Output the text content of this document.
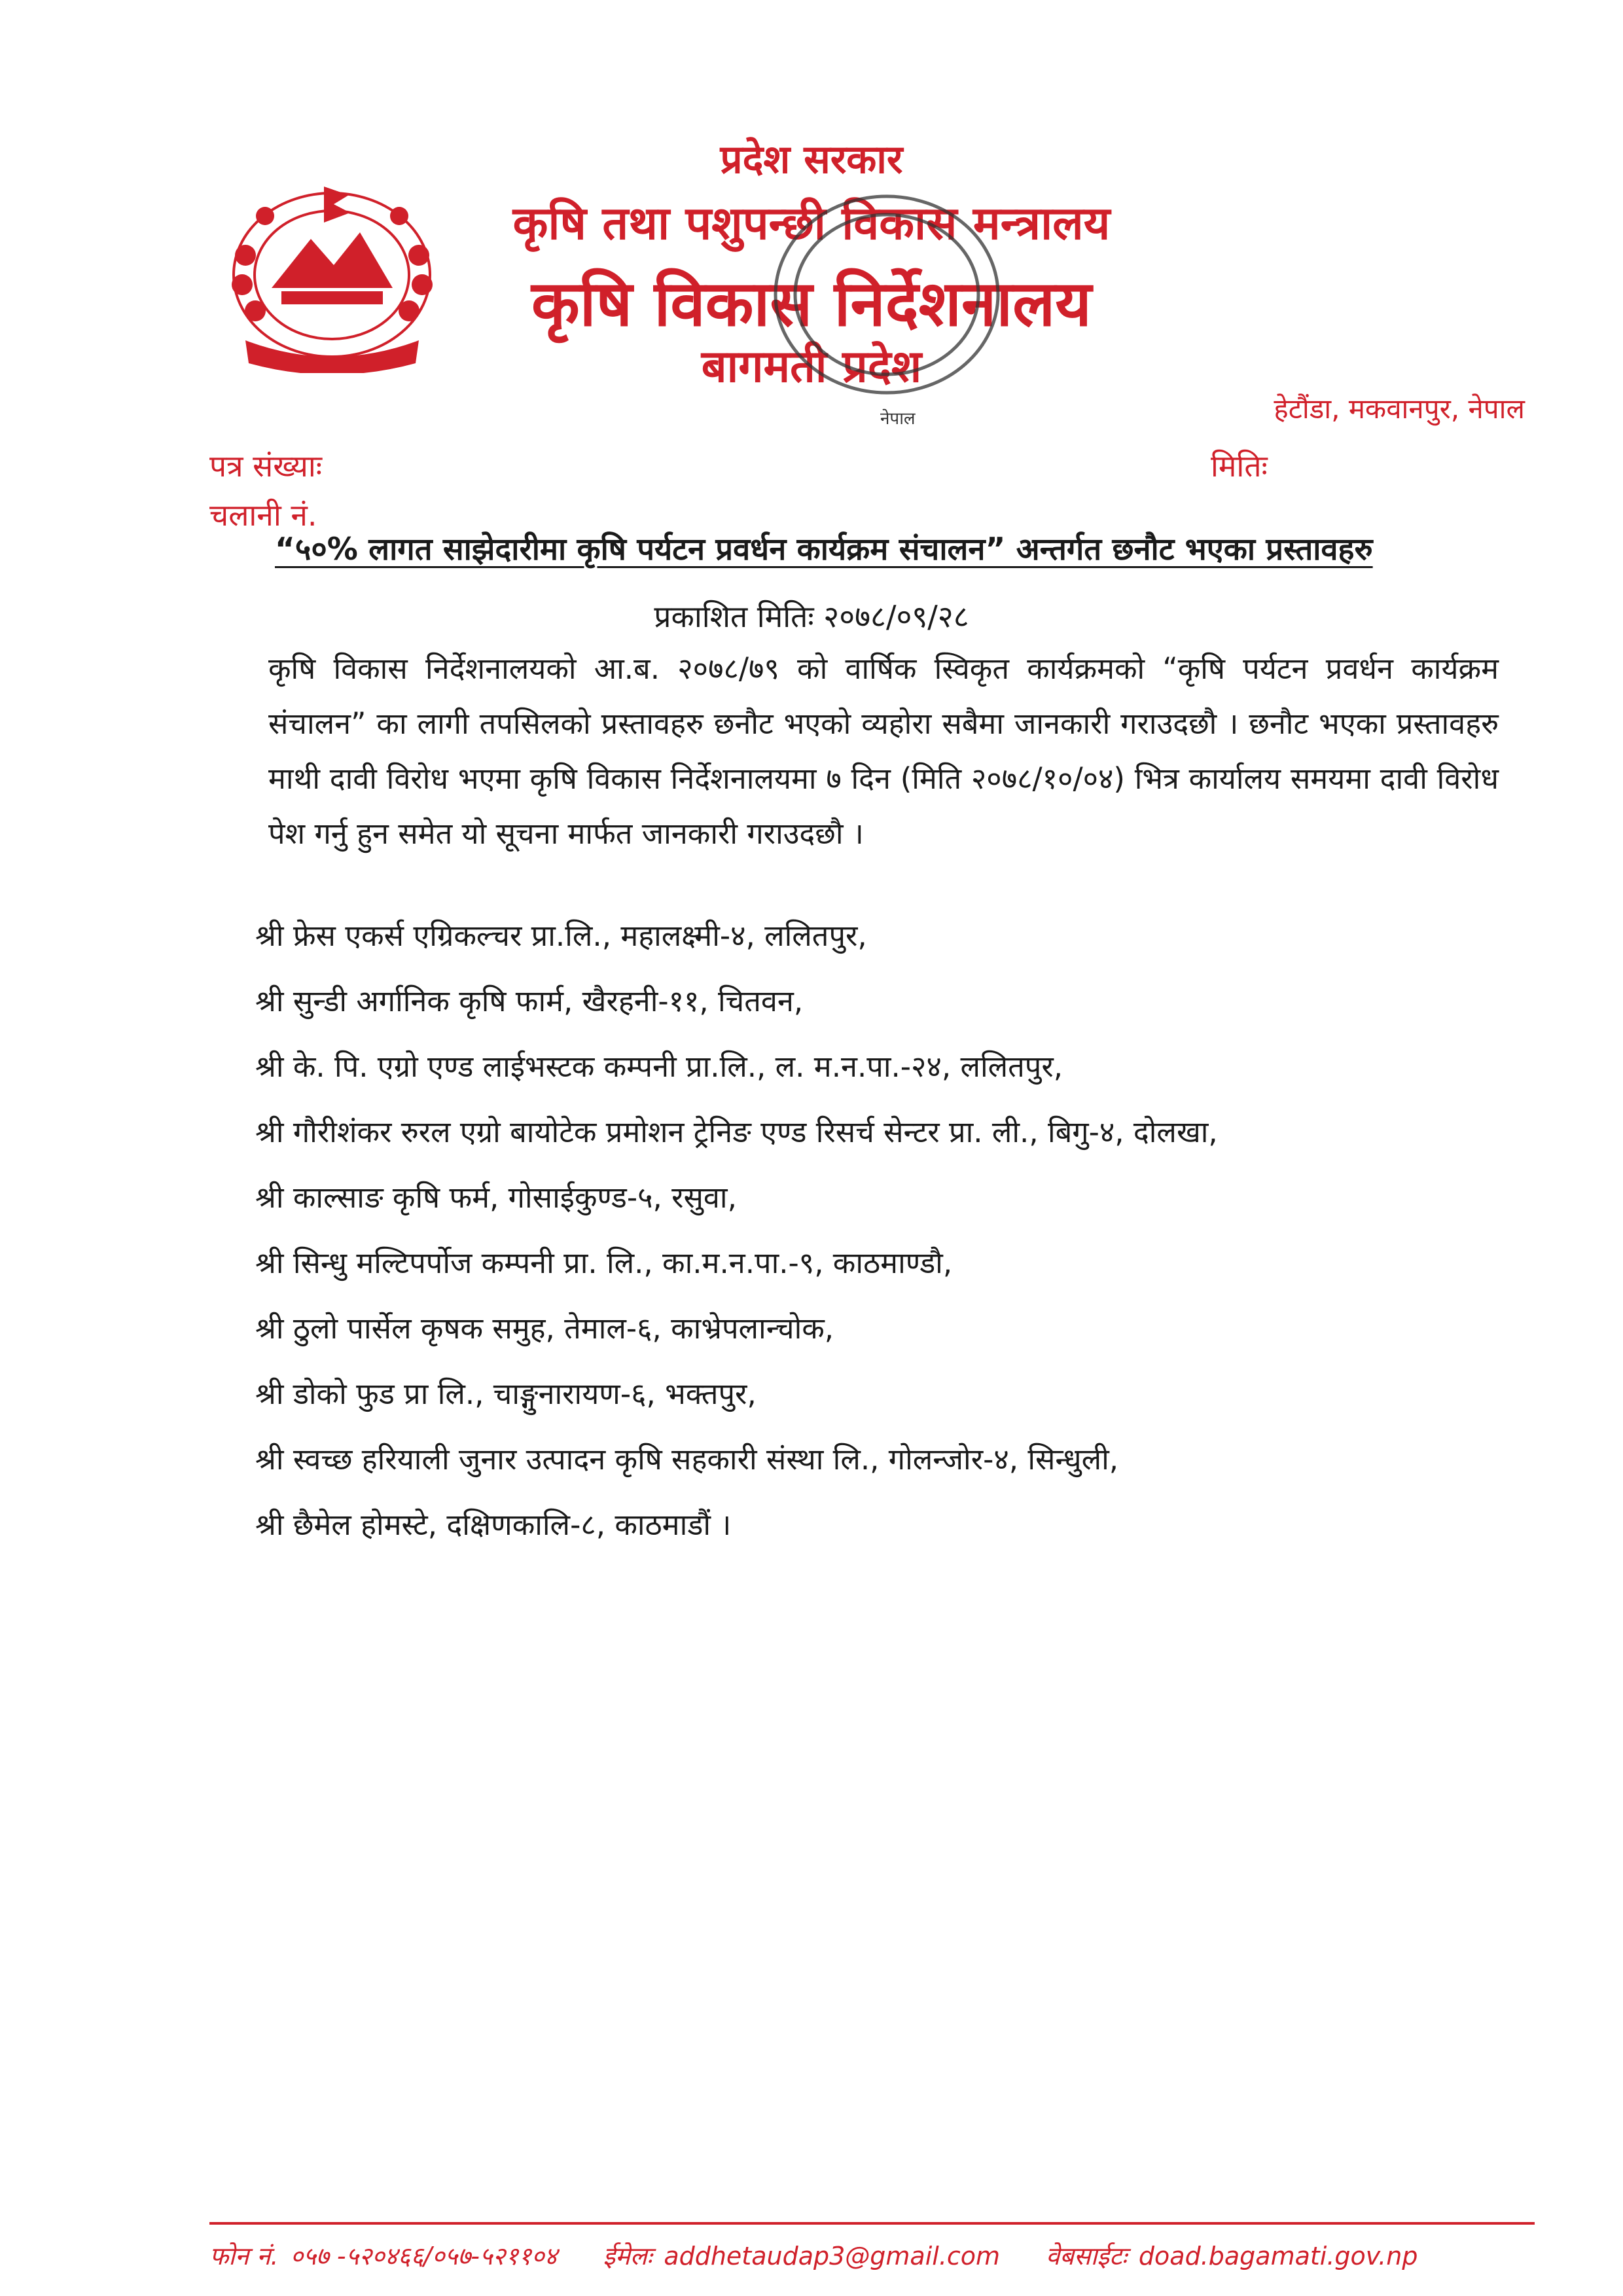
प्रदेश सरकार
कृषि तथा पशुपन्छी विकास मन्त्रालय
कृषि विकास निर्देशनालय
बागमती प्रदेश
नेपाल	हेटौंडा, मकवानपुर, नेपाल
पत्र संख्याः	मितिः
चलानी नं.
“५०% लागत साझेदारीमा कृषि पर्यटन प्रवर्धन कार्यक्रम संचालन” अन्तर्गत छनौट भएका प्रस्तावहरु
प्रकाशित मितिः २०७८/०९/२८
कृषि विकास निर्देशनालयको आ.ब. २०७८/७९ को वार्षिक स्विकृत कार्यक्रमको “कृषि पर्यटन प्रवर्धन कार्यक्रम संचालन” का लागी तपसिलको प्रस्तावहरु छनौट भएको व्यहोरा सबैमा जानकारी गराउदछौ । छनौट भएका प्रस्तावहरु माथी दावी विरोध भएमा कृषि विकास निर्देशनालयमा ७ दिन (मिति २०७८/१०/०४) भित्र कार्यालय समयमा दावी विरोध पेश गर्नु हुन समेत यो सूचना मार्फत जानकारी गराउदछौ ।
श्री फ्रेस एकर्स एग्रिकल्चर प्रा.लि., महालक्ष्मी-४, ललितपुर,
श्री सुन्डी अर्गानिक कृषि फार्म, खैरहनी-११, चितवन,
श्री के. पि. एग्रो एण्ड लाईभस्टक कम्पनी प्रा.लि., ल. म.न.पा.-२४, ललितपुर,
श्री गौरीशंकर रुरल एग्रो बायोटेक प्रमोशन ट्रेनिङ एण्ड रिसर्च सेन्टर प्रा. ली., बिगु-४, दोलखा,
श्री काल्साङ कृषि फर्म, गोसाईकुण्ड-५, रसुवा,
श्री सिन्धु मल्टिपर्पोज कम्पनी प्रा. लि., का.म.न.पा.-९, काठमाण्डौ,
श्री ठुलो पार्सेल कृषक समुह, तेमाल-६, काभ्रेपलान्चोक,
श्री डोको फुड प्रा लि., चाङ्गुनारायण-६, भक्तपुर,
श्री स्वच्छ हरियाली जुनार उत्पादन कृषि सहकारी संस्था लि., गोलन्जोर-४, सिन्धुली,
श्री छैमेल होमस्टे, दक्षिणकालि-८, काठमाडौं ।
फोन नं. ०५७ -५२०४६६/०५७-५२११०४ ईमेलः addhetaudap3@gmail.com वेबसाईटः doad.bagamati.gov.np
